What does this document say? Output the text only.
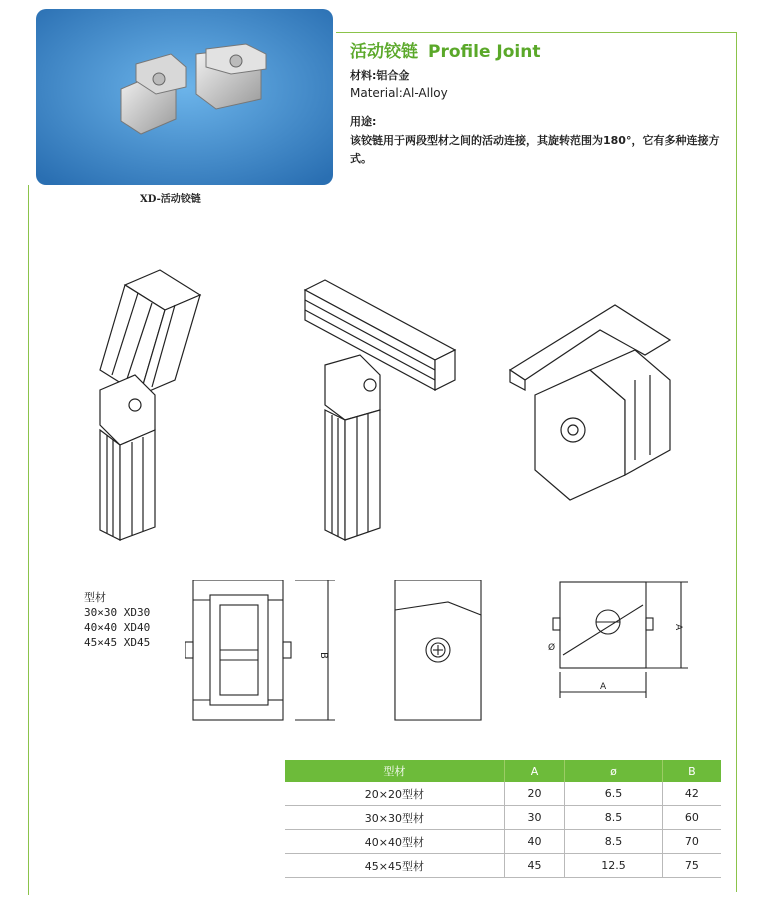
XD-活动铰链
活动铰链 Profile Joint
材料:铝合金
Material:Al-Alloy
用途:
该铰链用于两段型材之间的活动连接，其旋转范围为180°，它有多种连接方式。
型材
30×30 XD30
40×40 XD40
45×45 XD45
B
A
A
Ø
型材	A	ø	B
20×20型材	20	6.5	42
30×30型材	30	8.5	60
40×40型材	40	8.5	70
45×45型材	45	12.5	75
